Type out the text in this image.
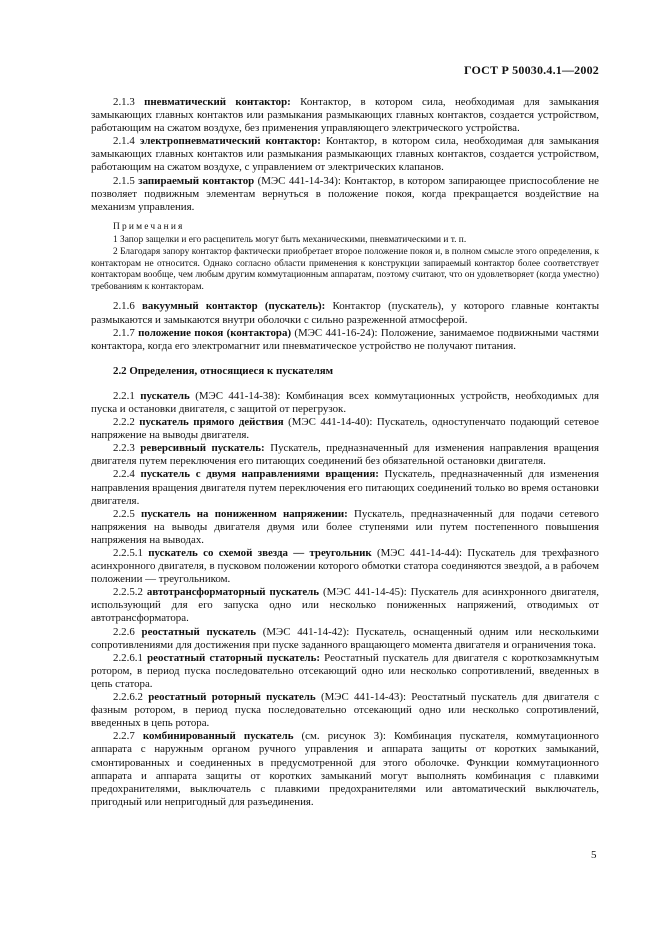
ГОСТ Р 50030.4.1—2002

2.1.3 пневматический контактор: Контактор, в котором сила, необходимая для замыкания замыкающих главных контактов или размыкания размыкающих главных контактов, создается устройством, работающим на сжатом воздухе, без применения управляющего электрического устройства.

2.1.4 электропневматический контактор: Контактор, в котором сила, необходимая для замыкания замыкающих главных контактов или размыкания размыкающих главных контактов, создается устройством, работающим на сжатом воздухе, с управлением от электрических клапанов.

2.1.5 запираемый контактор (МЭС 441-14-34): Контактор, в котором запирающее приспособление не позволяет подвижным элементам вернуться в положение покоя, когда прекращается воздействие на механизм управления.

Примечания

1 Запор защелки и его расцепитель могут быть механическими, пневматическими и т. п.

2 Благодаря запору контактор фактически приобретает второе положение покоя и, в полном смысле этого определения, к контакторам не относится. Однако согласно области применения к конструкции запираемый контактор более соответствует контакторам вообще, чем любым другим коммутационным аппаратам, поэтому считают, что он удовлетворяет (когда уместно) требованиям к контакторам.

2.1.6 вакуумный контактор (пускатель): Контактор (пускатель), у которого главные контакты размыкаются и замыкаются внутри оболочки с сильно разреженной атмосферой.

2.1.7 положение покоя (контактора) (МЭС 441-16-24): Положение, занимаемое подвижными частями контактора, когда его электромагнит или пневматическое устройство не получают питания.

2.2 Определения, относящиеся к пускателям

2.2.1 пускатель (МЭС 441-14-38): Комбинация всех коммутационных устройств, необходимых для пуска и остановки двигателя, с защитой от перегрузок.

2.2.2 пускатель прямого действия (МЭС 441-14-40): Пускатель, одноступенчато подающий сетевое напряжение на выводы двигателя.

2.2.3 реверсивный пускатель: Пускатель, предназначенный для изменения направления вращения двигателя путем переключения его питающих соединений без обязательной остановки двигателя.

2.2.4 пускатель с двумя направлениями вращения: Пускатель, предназначенный для изменения направления вращения двигателя путем переключения его питающих соединений только во время остановки двигателя.

2.2.5 пускатель на пониженном напряжении: Пускатель, предназначенный для подачи сетевого напряжения на выводы двигателя двумя или более ступенями или путем постепенного повышения напряжения на выводах.

2.2.5.1 пускатель со схемой звезда — треугольник (МЭС 441-14-44): Пускатель для трехфазного асинхронного двигателя, в пусковом положении которого обмотки статора соединяются звездой, а в рабочем положении — треугольником.

2.2.5.2 автотрансформаторный пускатель (МЭС 441-14-45): Пускатель для асинхронного двигателя, использующий для его запуска одно или несколько пониженных напряжений, отводимых от автотрансформатора.

2.2.6 реостатный пускатель (МЭС 441-14-42): Пускатель, оснащенный одним или несколькими сопротивлениями для достижения при пуске заданного вращающего момента двигателя и ограничения тока.

2.2.6.1 реостатный статорный пускатель: Реостатный пускатель для двигателя с короткозамкнутым ротором, в период пуска последовательно отсекающий одно или несколько сопротивлений, введенных в цепь статора.

2.2.6.2 реостатный роторный пускатель (МЭС 441-14-43): Реостатный пускатель для двигателя с фазным ротором, в период пуска последовательно отсекающий одно или несколько сопротивлений, введенных в цепь ротора.

2.2.7 комбинированный пускатель (см. рисунок 3): Комбинация пускателя, коммутационного аппарата с наружным органом ручного управления и аппарата защиты от коротких замыканий, смонтированных и соединенных в предусмотренной для этого оболочке. Функции коммутационного аппарата и аппарата защиты от коротких замыканий могут выполнять комбинация с плавкими предохранителями, выключатель с плавкими предохранителями или автоматический выключатель, пригодный или непригодный для разъединения.

5
